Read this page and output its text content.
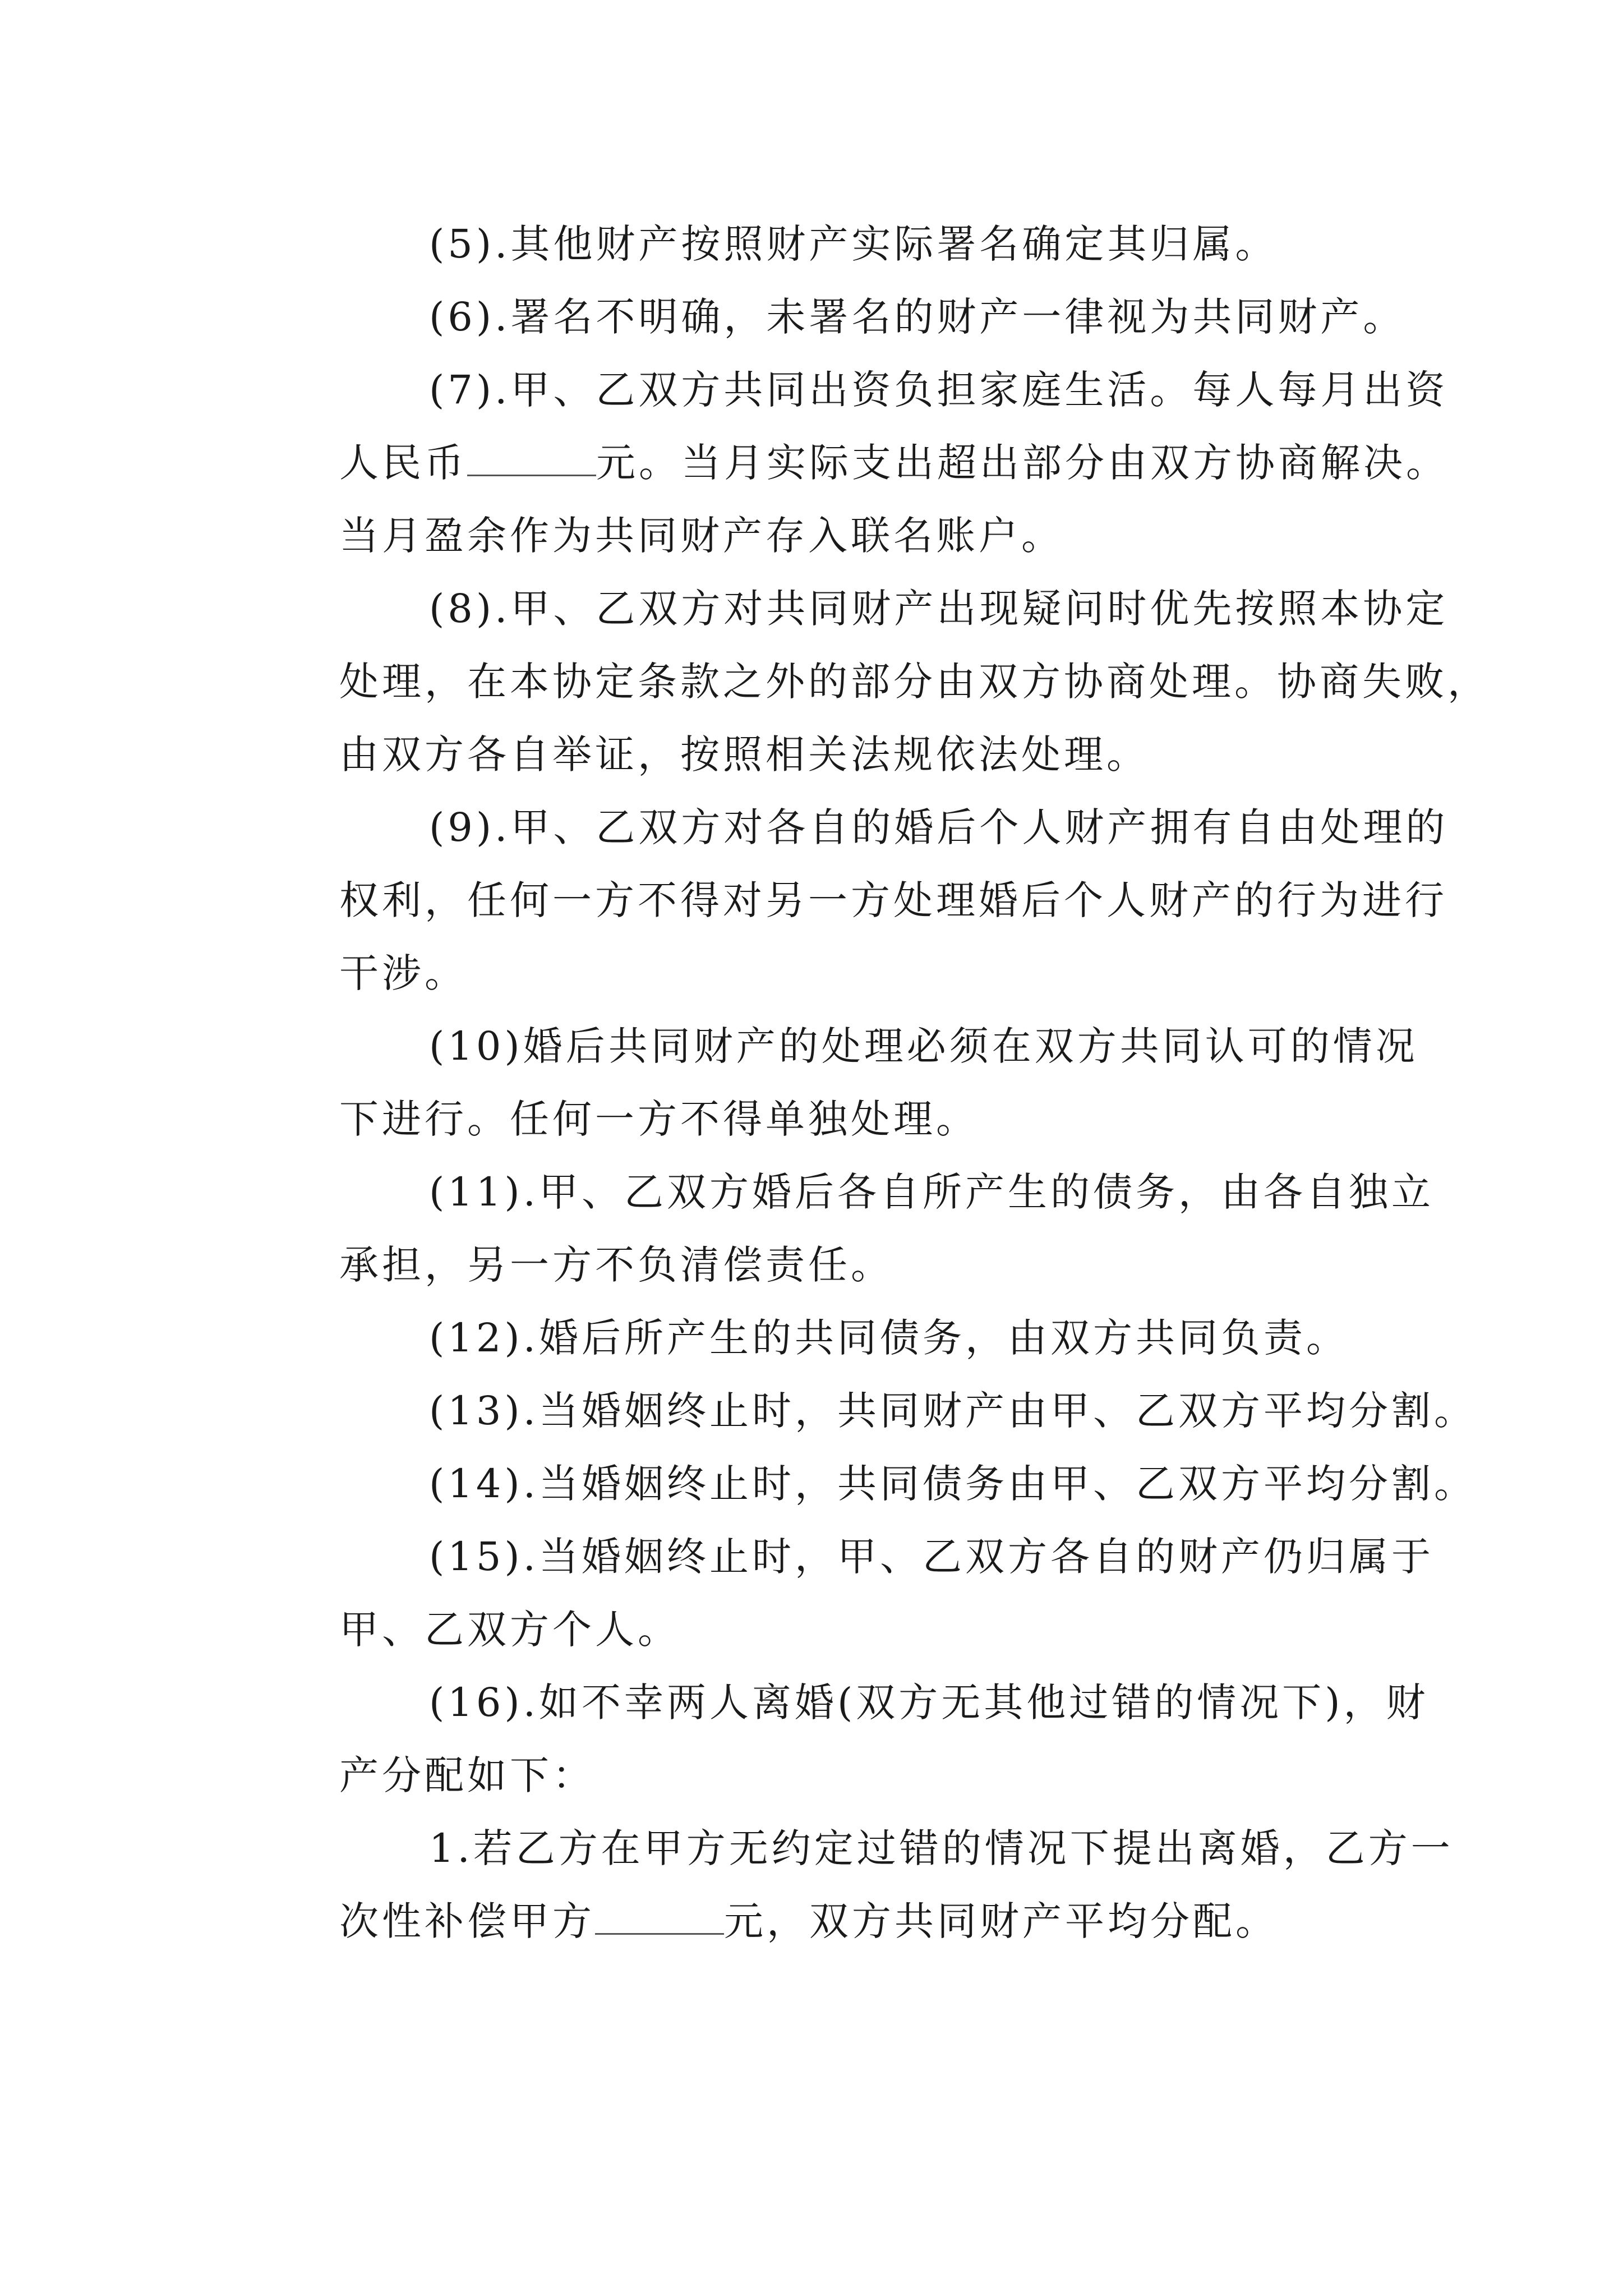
(5).其他财产按照财产实际署名确定其归属。
(6).署名不明确，未署名的财产一律视为共同财产。
(7).甲、乙双方共同出资负担家庭生活。每人每月出资
人民币	元。当月实际支出超出部分由双方协商解决。
当月盈余作为共同财产存入联名账户。
(8).甲、乙双方对共同财产出现疑问时优先按照本协定
处理，在本协定条款之外的部分由双方协商处理。协商失败，
由双方各自举证，按照相关法规依法处理。
(9).甲、乙双方对各自的婚后个人财产拥有自由处理的
权利，任何一方不得对另一方处理婚后个人财产的行为进行
干涉。
(10)婚后共同财产的处理必须在双方共同认可的情况
下进行。任何一方不得单独处理。
(11).甲、乙双方婚后各自所产生的债务，由各自独立
承担，另一方不负清偿责任。
(12).婚后所产生的共同债务，由双方共同负责。
(13).当婚姻终止时，共同财产由甲、乙双方平均分割。
(14).当婚姻终止时，共同债务由甲、乙双方平均分割。
(15).当婚姻终止时，甲、乙双方各自的财产仍归属于
甲、乙双方个人。
(16).如不幸两人离婚(双方无其他过错的情况下)，财
产分配如下：
1.若乙方在甲方无约定过错的情况下提出离婚，乙方一
次性补偿甲方	元，双方共同财产平均分配。
